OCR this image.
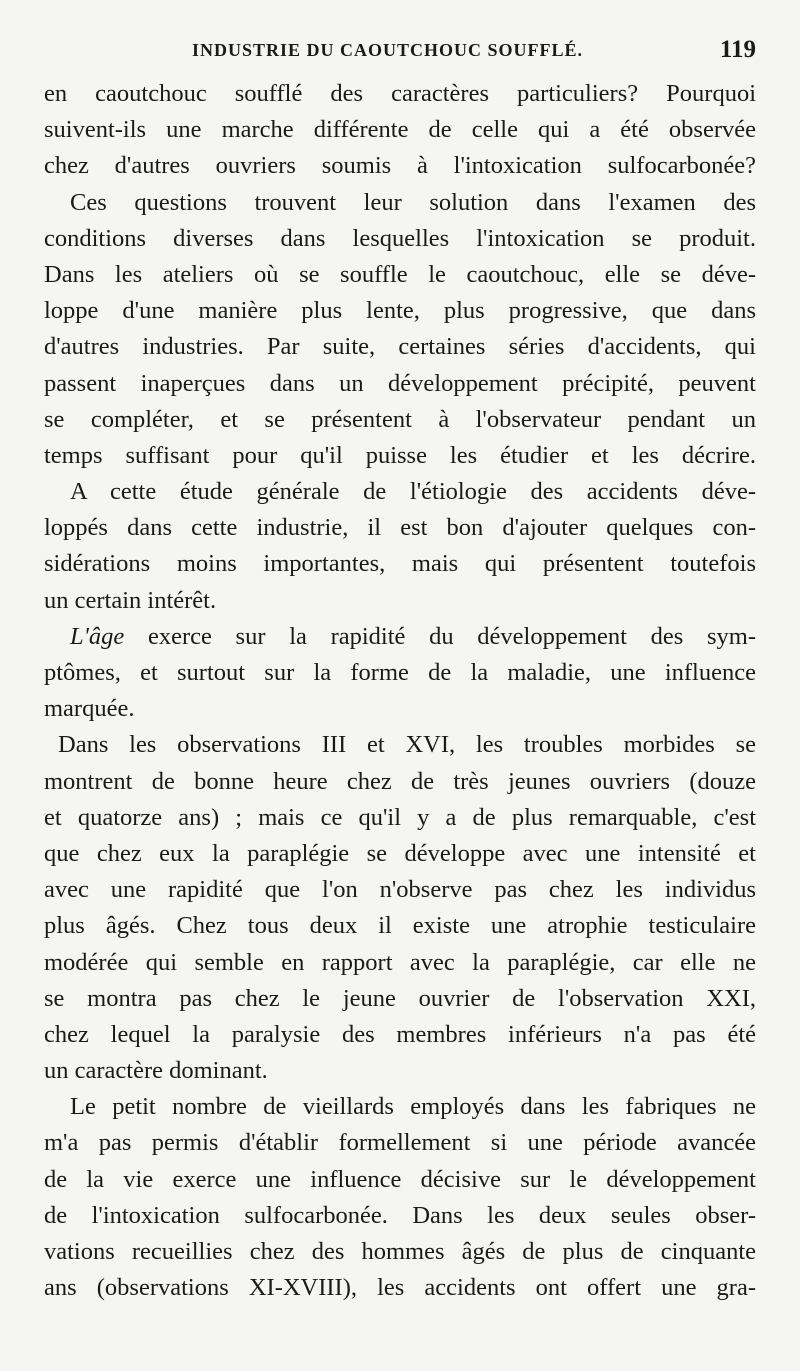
INDUSTRIE DU CAOUTCHOUC SOUFFLÉ.	119
en caoutchouc soufflé des caractères particuliers? Pourquoi
suivent-ils une marche différente de celle qui a été observée
chez d'autres ouvriers soumis à l'intoxication sulfocarbonée?
Ces questions trouvent leur solution dans l'examen des
conditions diverses dans lesquelles l'intoxication se produit.
Dans les ateliers où se souffle le caoutchouc, elle se déve-
loppe d'une manière plus lente, plus progressive, que dans
d'autres industries. Par suite, certaines séries d'accidents, qui
passent inaperçues dans un développement précipité, peuvent
se compléter, et se présentent à l'observateur pendant un
temps suffisant pour qu'il puisse les étudier et les décrire.
A cette étude générale de l'étiologie des accidents déve-
loppés dans cette industrie, il est bon d'ajouter quelques con-
sidérations moins importantes, mais qui présentent toutefois
un certain intérêt.
L'âge exerce sur la rapidité du développement des sym-
ptômes, et surtout sur la forme de la maladie, une influence
marquée.
Dans les observations III et XVI, les troubles morbides se
montrent de bonne heure chez de très jeunes ouvriers (douze
et quatorze ans) ; mais ce qu'il y a de plus remarquable, c'est
que chez eux la paraplégie se développe avec une intensité et
avec une rapidité que l'on n'observe pas chez les individus
plus âgés. Chez tous deux il existe une atrophie testiculaire
modérée qui semble en rapport avec la paraplégie, car elle ne
se montra pas chez le jeune ouvrier de l'observation XXI,
chez lequel la paralysie des membres inférieurs n'a pas été
un caractère dominant.
Le petit nombre de vieillards employés dans les fabriques ne
m'a pas permis d'établir formellement si une période avancée
de la vie exerce une influence décisive sur le développement
de l'intoxication sulfocarbonée. Dans les deux seules obser-
vations recueillies chez des hommes âgés de plus de cinquante
ans (observations XI-XVIII), les accidents ont offert une gra-
